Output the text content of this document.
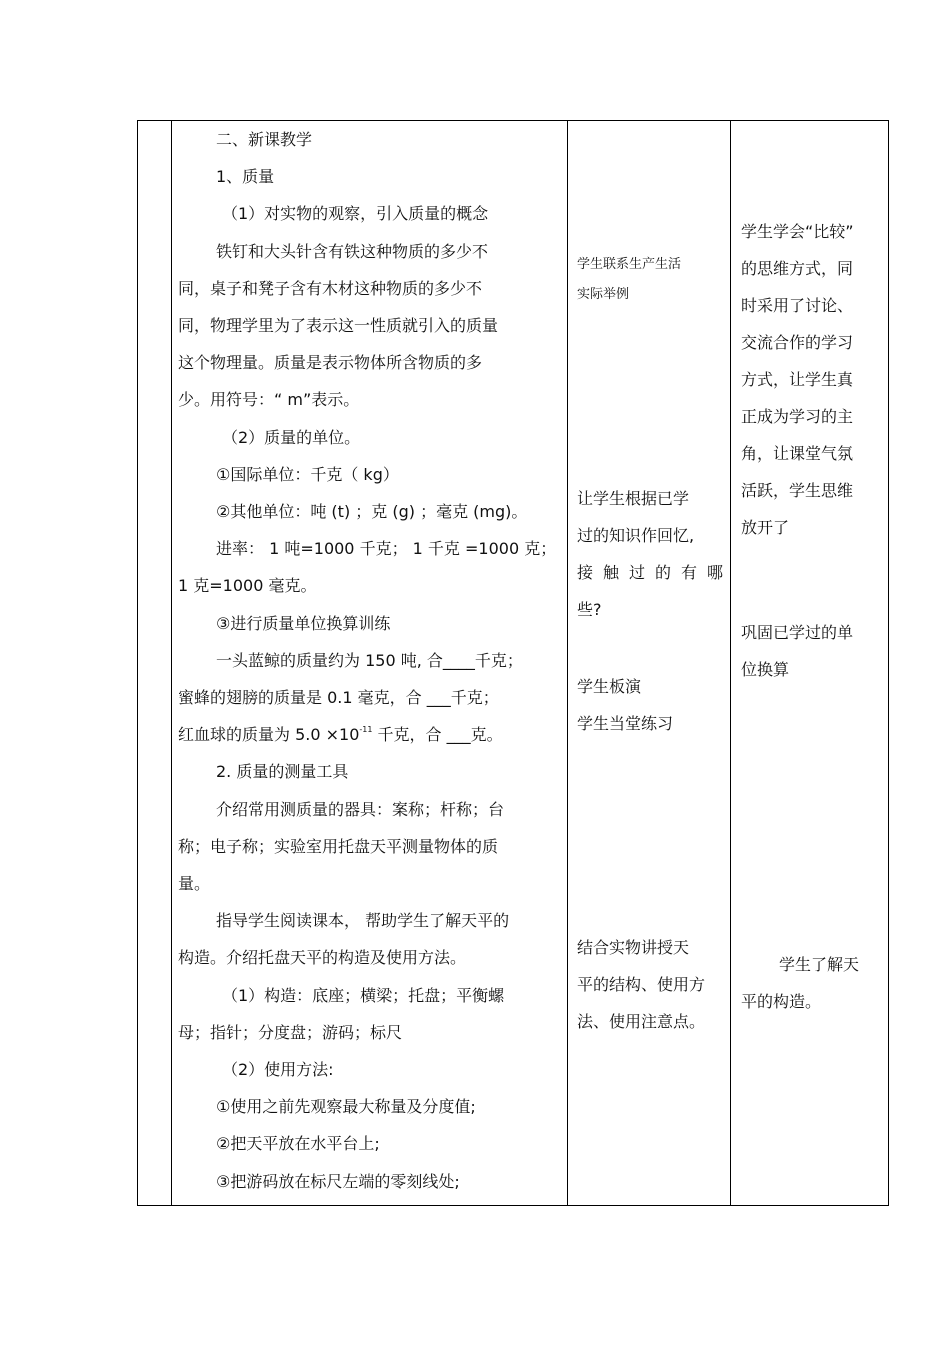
二、新课教学

1、质量

（1）对实物的观察，引入质量的概念

铁钉和大头针含有铁这种物质的多少不

同，桌子和凳子含有木材这种物质的多少不

同，物理学里为了表示这一性质就引入的质量

这个物理量。质量是表示物体所含物质的多

少。用符号：“ m”表示。

（2）质量的单位。

①国际单位：千克（ kg）

②其他单位：吨 (t) ；克 (g) ；毫克 (mg)。

进率： 1 吨=1000 千克； 1 千克 =1000 克；

1 克=1000 毫克。

③进行质量单位换算训练

一头蓝鲸的质量约为 150 吨, 合____千克；

蜜蜂的翅膀的质量是 0.1 毫克，合 ___千克；

红血球的质量为 $5.0 \times 10^{-11}$ 千克，合 ___克。

2. 质量的测量工具

介绍常用测质量的器具：案称；杆称；台

称；电子称；实验室用托盘天平测量物体的质

量。

指导学生阅读课本， 帮助学生了解天平的

构造。介绍托盘天平的构造及使用方法。

（1）构造：底座；横梁；托盘；平衡螺

母；指针；分度盘；游码；标尺

（2）使用方法:

①使用之前先观察最大称量及分度值;

②把天平放在水平台上;

③把游码放在标尺左端的零刻线处;

学生联系生产生活
实际举例
让学生根据已学
过的知识作回忆,
接 触 过 的 有 哪
些?
学生板演
学生当堂练习
结合实物讲授天
平的结构、使用方
法、使用注意点。
学生学会“比较”
的思维方式，同
时采用了讨论、
交流合作的学习
方式，让学生真
正成为学习的主
角，让课堂气氛
活跃，学生思维
放开了
巩固已学过的单
位换算
学生了解天
平的构造。
